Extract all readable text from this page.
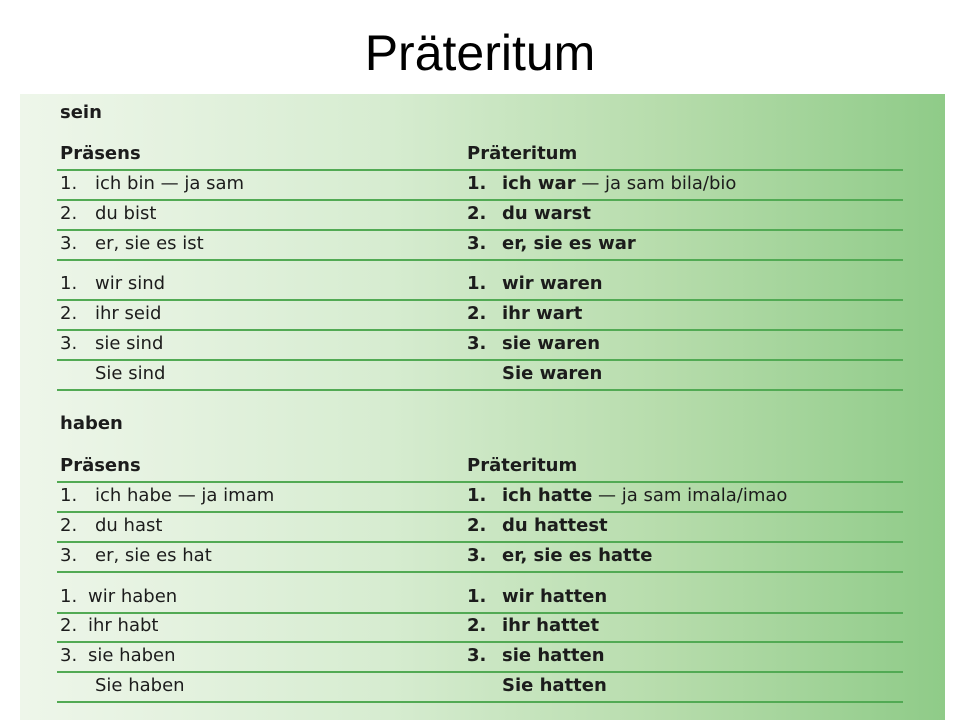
Präteritum
sein
Präsens	Präteritum
1. ich bin — ja sam	1. ich war — ja sam bila/bio
2. du bist	2. du warst
3. er, sie es ist	3. er, sie es war
1. wir sind	1. wir waren
2. ihr seid	2. ihr wart
3. sie sind	3. sie waren
Sie sind	Sie waren
haben
Präsens	Präteritum
1. ich habe — ja imam	1. ich hatte — ja sam imala/imao
2. du hast	2. du hattest
3. er, sie es hat	3. er, sie es hatte
1. wir haben	1. wir hatten
2. ihr habt	2. ihr hattet
3. sie haben	3. sie hatten
Sie haben	Sie hatten
